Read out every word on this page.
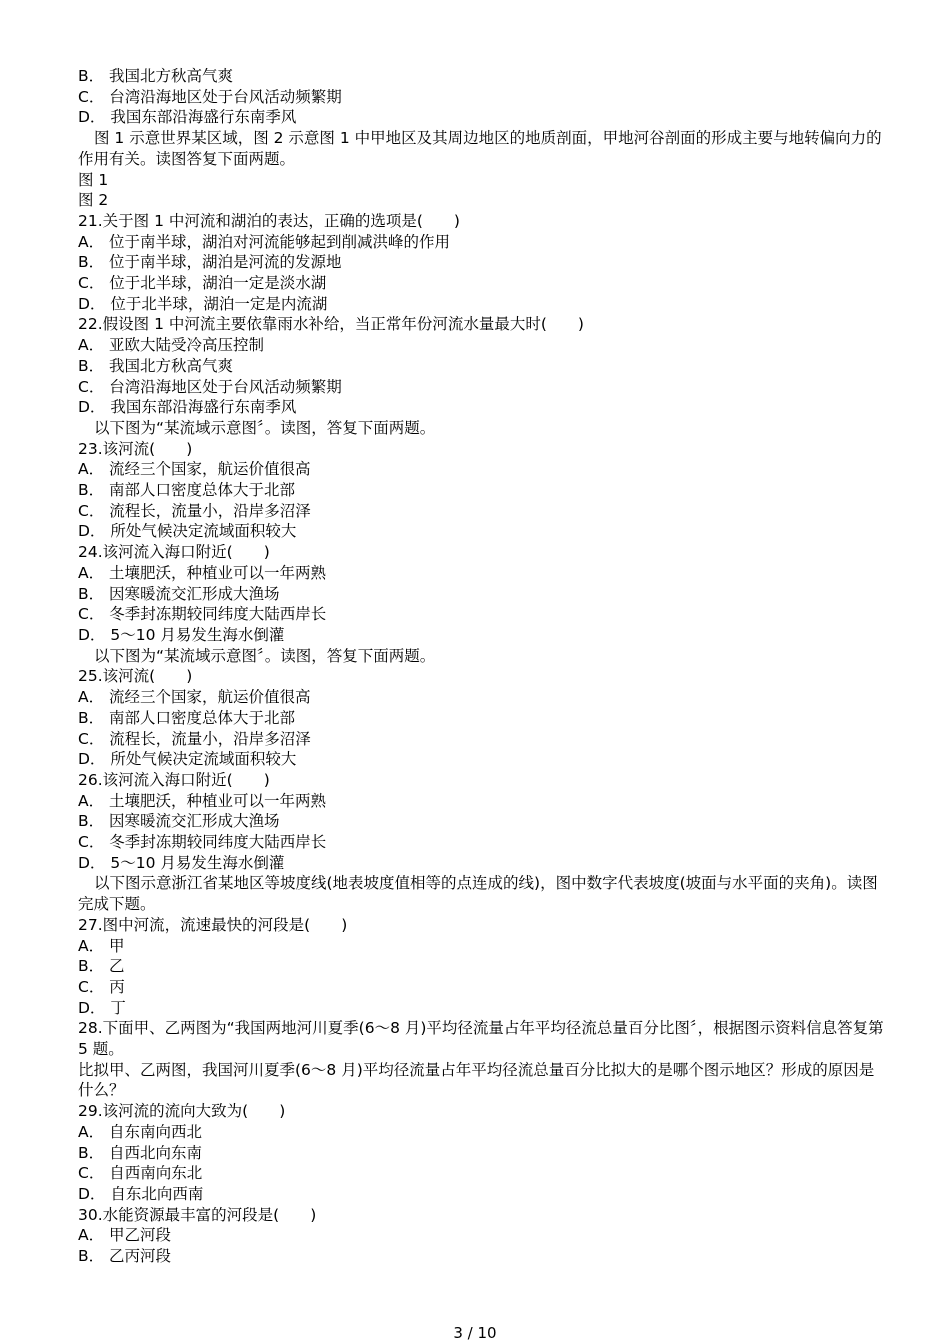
B． 我国北方秋高气爽
C． 台湾沿海地区处于台风活动频繁期
D． 我国东部沿海盛行东南季风
图 1 示意世界某区域，图 2 示意图 1 中甲地区及其周边地区的地质剖面，甲地河谷剖面的形成主要与地转偏向力的作用有关。读图答复下面两题。
图 1
图 2
21.关于图 1 中河流和湖泊的表达，正确的选项是(　　)
A． 位于南半球，湖泊对河流能够起到削减洪峰的作用
B． 位于南半球，湖泊是河流的发源地
C． 位于北半球，湖泊一定是淡水湖
D． 位于北半球，湖泊一定是内流湖
22.假设图 1 中河流主要依靠雨水补给，当正常年份河流水量最大时(　　)
A． 亚欧大陆受冷高压控制
B． 我国北方秋高气爽
C． 台湾沿海地区处于台风活动频繁期
D． 我国东部沿海盛行东南季风
以下图为“某流域示意图〞。读图，答复下面两题。
23.该河流(　　)
A． 流经三个国家，航运价值很高
B． 南部人口密度总体大于北部
C． 流程长，流量小，沿岸多沼泽
D． 所处气候决定流域面积较大
24.该河流入海口附近(　　)
A． 土壤肥沃，种植业可以一年两熟
B． 因寒暖流交汇形成大渔场
C． 冬季封冻期较同纬度大陆西岸长
D． 5～10 月易发生海水倒灌
以下图为“某流域示意图〞。读图，答复下面两题。
25.该河流(　　)
A． 流经三个国家，航运价值很高
B． 南部人口密度总体大于北部
C． 流程长，流量小，沿岸多沼泽
D． 所处气候决定流域面积较大
26.该河流入海口附近(　　)
A． 土壤肥沃，种植业可以一年两熟
B． 因寒暖流交汇形成大渔场
C． 冬季封冻期较同纬度大陆西岸长
D． 5～10 月易发生海水倒灌
以下图示意浙江省某地区等坡度线(地表坡度值相等的点连成的线)，图中数字代表坡度(坡面与水平面的夹角)。读图完成下题。
27.图中河流，流速最快的河段是(　　)
A． 甲
B． 乙
C． 丙
D． 丁
28.下面甲、乙两图为“我国两地河川夏季(6～8 月)平均径流量占年平均径流总量百分比图〞，根据图示资料信息答复第 5 题。
比拟甲、乙两图，我国河川夏季(6～8 月)平均径流量占年平均径流总量百分比拟大的是哪个图示地区？形成的原因是什么？
29.该河流的流向大致为(　　)
A． 自东南向西北
B． 自西北向东南
C． 自西南向东北
D． 自东北向西南
30.水能资源最丰富的河段是(　　)
A． 甲乙河段
B． 乙丙河段
3 / 10
